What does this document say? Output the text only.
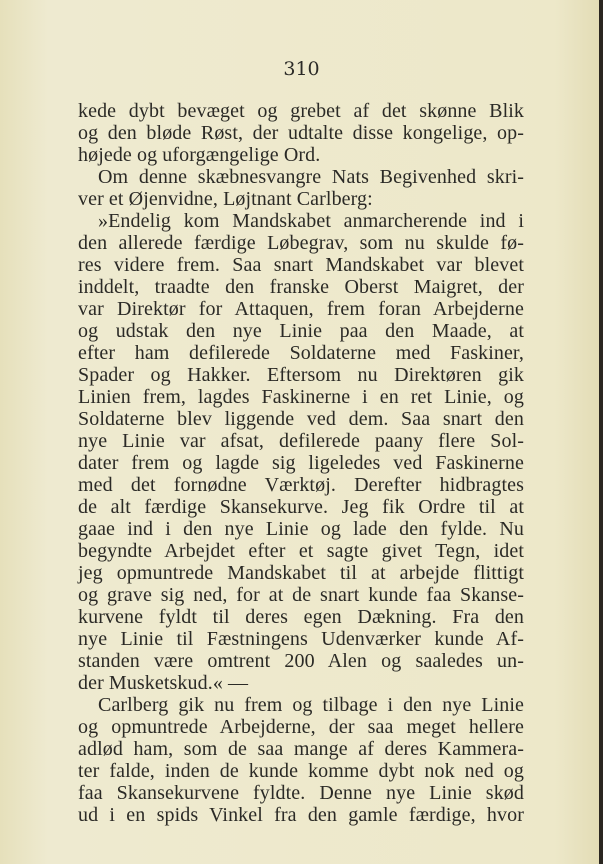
310
kede dybt bevæget og grebet af det skønne Blik
og den blødе Røst, der udtalte disse kongelige, op-
højede og uforgængelige Ord.
Om denne skæbnesvangre Nats Begivenhed skri-
ver et Øjenvidne, Løjtnant Carlberg:
»Endelig kom Mandskabet anmarcherende ind i
den allerede færdige Løbegrav, som nu skulde fø-
res videre frem. Saa snart Mandskabet var blevet
inddelt, traadte den franske Oberst Maigret, der
var Direktør for Attaquen, frem foran Arbejderne
og udstak den nye Linie paa den Maade, at
efter ham defilerede Soldaterne med Faskiner,
Spader og Hakker. Eftersom nu Direktøren gik
Linien frem, lagdes Faskinerne i en ret Linie, og
Soldaterne blev liggende ved dem. Saa snart den
nye Linie var afsat, defilerede paany flere Sol-
dater frem og lagde sig ligeledes ved Faskinerne
med det fornødne Værktøj. Derefter hidbragtes
de alt færdige Skansekurve. Jeg fik Ordre til at
gaae ind i den nye Linie og lade den fylde. Nu
begyndte Arbejdet efter et sagte givet Tegn, idet
jeg opmuntrede Mandskabet til at arbejde flittigt
og grave sig ned, for at de snart kunde faa Skanse-
kurvene fyldt til deres egen Dækning. Fra den
nye Linie til Fæstningens Udenværker kunde Af-
standen være omtrent 200 Alen og saaledes un-
der Musketskud.« —
Carlberg gik nu frem og tilbage i den nye Linie
og opmuntrede Arbejderne, der saa meget hellere
adlød ham, som de saa mange af deres Kammera-
ter falde, inden de kunde komme dybt nok ned og
faa Skansekurvene fyldte. Denne nye Linie skød
ud i en spids Vinkel fra den gamle færdige, hvor
